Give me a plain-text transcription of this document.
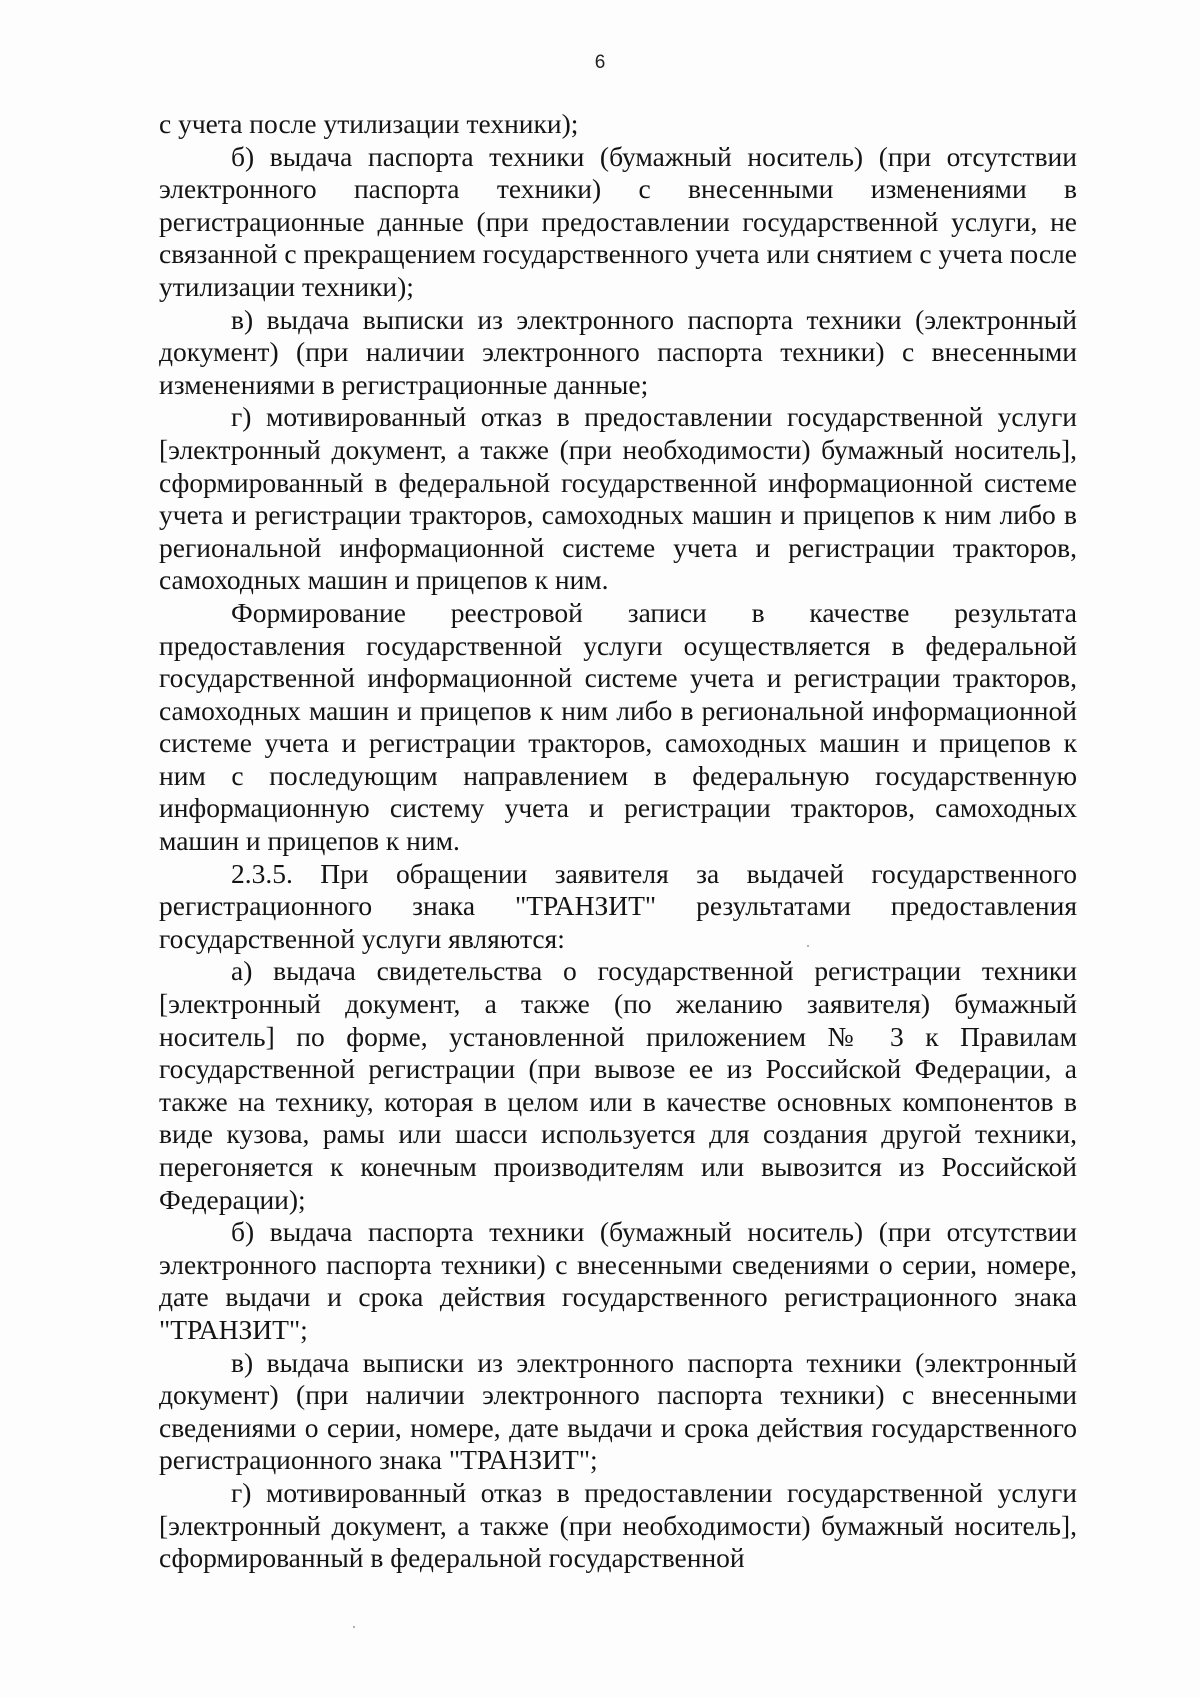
6

с учета после утилизации техники);

б) выдача паспорта техники (бумажный носитель) (при отсутствии электронного паспорта техники) с внесенными изменениями в регистрационные данные (при предоставлении государственной услуги, не связанной с прекращением государственного учета или снятием с учета после утилизации техники);

в) выдача выписки из электронного паспорта техники (электронный документ) (при наличии электронного паспорта техники) с внесенными изменениями в регистрационные данные;

г) мотивированный отказ в предоставлении государственной услуги [электронный документ, а также (при необходимости) бумажный носитель], сформированный в федеральной государственной информационной системе учета и регистрации тракторов, самоходных машин и прицепов к ним либо в региональной информационной системе учета и регистрации тракторов, самоходных машин и прицепов к ним.

Формирование реестровой записи в качестве результата предоставления государственной услуги осуществляется в федеральной государственной информационной системе учета и регистрации тракторов, самоходных машин и прицепов к ним либо в региональной информационной системе учета и регистрации тракторов, самоходных машин и прицепов к ним с последующим направлением в федеральную государственную информационную систему учета и регистрации тракторов, самоходных машин и прицепов к ним.

2.3.5. При обращении заявителя за выдачей государственного регистрационного знака "ТРАНЗИТ" результатами предоставления государственной услуги являются:

а) выдача свидетельства о государственной регистрации техники [электронный документ, а также (по желанию заявителя) бумажный носитель] по форме, установленной приложением № 3 к Правилам государственной регистрации (при вывозе ее из Российской Федерации, а также на технику, которая в целом или в качестве основных компонентов в виде кузова, рамы или шасси используется для создания другой техники, перегоняется к конечным производителям или вывозится из Российской Федерации);

б) выдача паспорта техники (бумажный носитель) (при отсутствии электронного паспорта техники) с внесенными сведениями о серии, номере, дате выдачи и срока действия государственного регистрационного знака "ТРАНЗИТ";

в) выдача выписки из электронного паспорта техники (электронный документ) (при наличии электронного паспорта техники) с внесенными сведениями о серии, номере, дате выдачи и срока действия государственного регистрационного знака "ТРАНЗИТ";

г) мотивированный отказ в предоставлении государственной услуги [электронный документ, а также (при необходимости) бумажный носитель], сформированный в федеральной государственной
